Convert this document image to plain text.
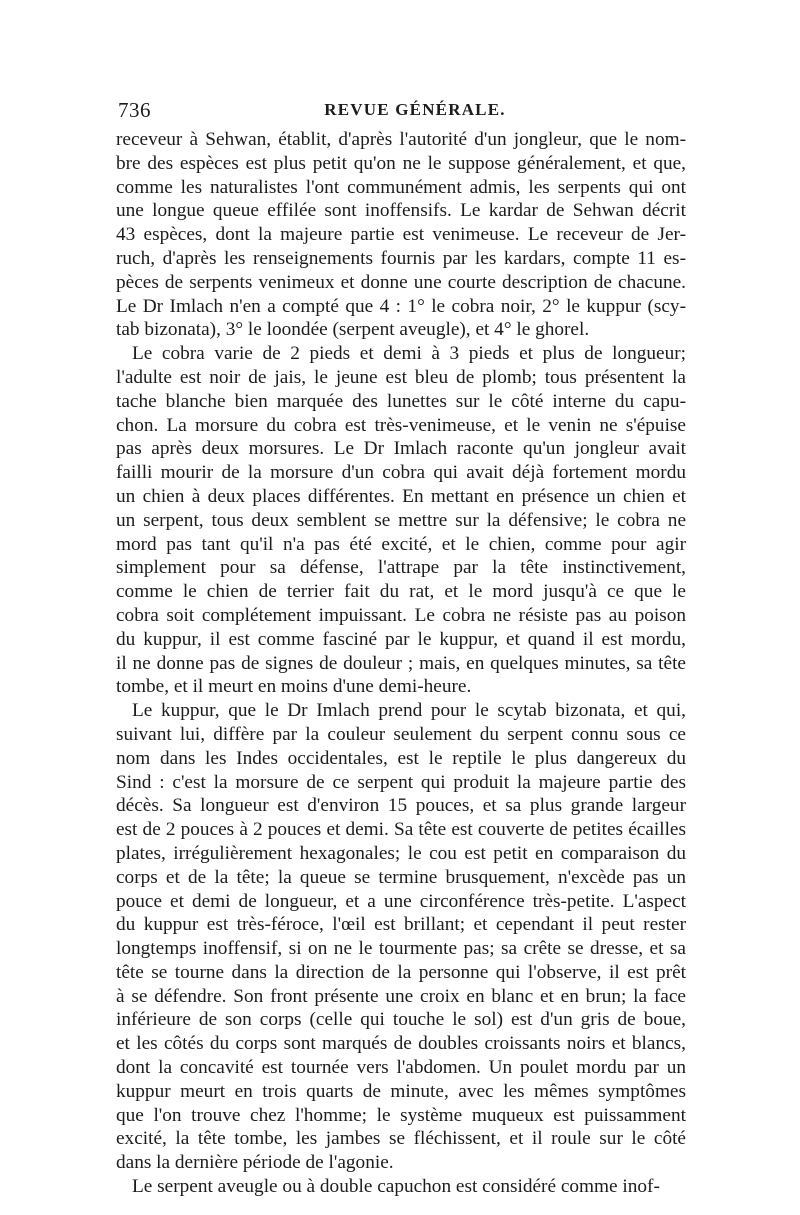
736	REVUE GÉNÉRALE.
receveur à Sehwan, établit, d'après l'autorité d'un jongleur, que le nom-
bre des espèces est plus petit qu'on ne le suppose généralement, et que,
comme les naturalistes l'ont communément admis, les serpents qui ont
une longue queue effilée sont inoffensifs. Le kardar de Sehwan décrit
43 espèces, dont la majeure partie est venimeuse. Le receveur de Jer-
ruch, d'après les renseignements fournis par les kardars, compte 11 es-
pèces de serpents venimeux et donne une courte description de chacune.
Le Dr Imlach n'en a compté que 4 : 1° le cobra noir, 2° le kuppur (scy-
tab bizonata), 3° le loondée (serpent aveugle), et 4° le ghorel.
Le cobra varie de 2 pieds et demi à 3 pieds et plus de longueur;
l'adulte est noir de jais, le jeune est bleu de plomb; tous présentent la
tache blanche bien marquée des lunettes sur le côté interne du capu-
chon. La morsure du cobra est très-venimeuse, et le venin ne s'épuise
pas après deux morsures. Le Dr Imlach raconte qu'un jongleur avait
failli mourir de la morsure d'un cobra qui avait déjà fortement mordu
un chien à deux places différentes. En mettant en présence un chien et
un serpent, tous deux semblent se mettre sur la défensive; le cobra ne
mord pas tant qu'il n'a pas été excité, et le chien, comme pour agir
simplement pour sa défense, l'attrape par la tête instinctivement,
comme le chien de terrier fait du rat, et le mord jusqu'à ce que le
cobra soit complétement impuissant. Le cobra ne résiste pas au poison
du kuppur, il est comme fasciné par le kuppur, et quand il est mordu,
il ne donne pas de signes de douleur ; mais, en quelques minutes, sa tête
tombe, et il meurt en moins d'une demi-heure.
Le kuppur, que le Dr Imlach prend pour le scytab bizonata, et qui,
suivant lui, diffère par la couleur seulement du serpent connu sous ce
nom dans les Indes occidentales, est le reptile le plus dangereux du
Sind : c'est la morsure de ce serpent qui produit la majeure partie des
décès. Sa longueur est d'environ 15 pouces, et sa plus grande largeur
est de 2 pouces à 2 pouces et demi. Sa tête est couverte de petites écailles
plates, irrégulièrement hexagonales; le cou est petit en comparaison du
corps et de la tête; la queue se termine brusquement, n'excède pas un
pouce et demi de longueur, et a une circonférence très-petite. L'aspect
du kuppur est très-féroce, l'œil est brillant; et cependant il peut rester
longtemps inoffensif, si on ne le tourmente pas; sa crête se dresse, et sa
tête se tourne dans la direction de la personne qui l'observe, il est prêt
à se défendre. Son front présente une croix en blanc et en brun; la face
inférieure de son corps (celle qui touche le sol) est d'un gris de boue,
et les côtés du corps sont marqués de doubles croissants noirs et blancs,
dont la concavité est tournée vers l'abdomen. Un poulet mordu par un
kuppur meurt en trois quarts de minute, avec les mêmes symptômes
que l'on trouve chez l'homme; le système muqueux est puissamment
excité, la tête tombe, les jambes se fléchissent, et il roule sur le côté
dans la dernière période de l'agonie.
Le serpent aveugle ou à double capuchon est considéré comme inof-
